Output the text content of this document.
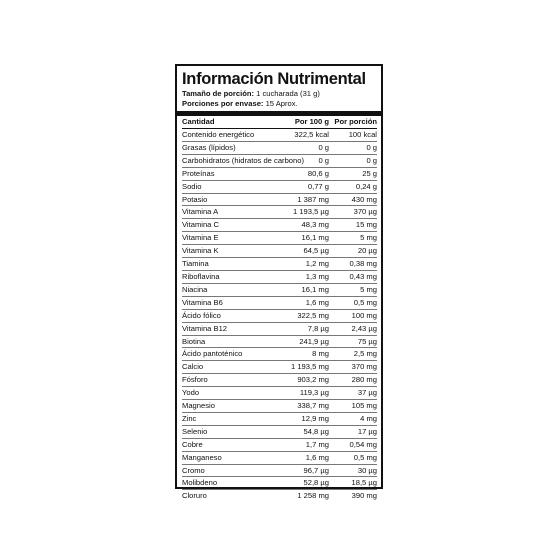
Información Nutrimental
Tamaño de porción: 1 cucharada (31 g)
Porciones por envase: 15 Aprox.
Cantidad	Por 100 g	Por porción
Contenido energético	322,5 kcal	100 kcal
Grasas (lípidos)	0 g	0 g
Carbohidratos (hidratos de carbono)	0 g	0 g
Proteínas	80,6 g	25 g
Sodio	0,77 g	0,24 g
Potasio	1 387 mg	430 mg
Vitamina A	1 193,5 µg	370 µg
Vitamina C	48,3 mg	15 mg
Vitamina E	16,1 mg	5 mg
Vitamina K	64,5 µg	20 µg
Tiamina	1,2 mg	0,38 mg
Riboflavina	1,3 mg	0,43 mg
Niacina	16,1 mg	5 mg
Vitamina B6	1,6 mg	0,5 mg
Ácido fólico	322,5 mg	100 mg
Vitamina B12	7,8 µg	2,43 µg
Biotina	241,9 µg	75 µg
Ácido pantoténico	8 mg	2,5 mg
Calcio	1 193,5 mg	370 mg
Fósforo	903,2 mg	280 mg
Yodo	119,3 µg	37 µg
Magnesio	338,7 mg	105 mg
Zinc	12,9 mg	4 mg
Selenio	54,8 µg	17 µg
Cobre	1,7 mg	0,54 mg
Manganeso	1,6 mg	0,5 mg
Cromo	96,7 µg	30 µg
Molibdeno	52,8 µg	18,5 µg
Cloruro	1 258 mg	390 mg
